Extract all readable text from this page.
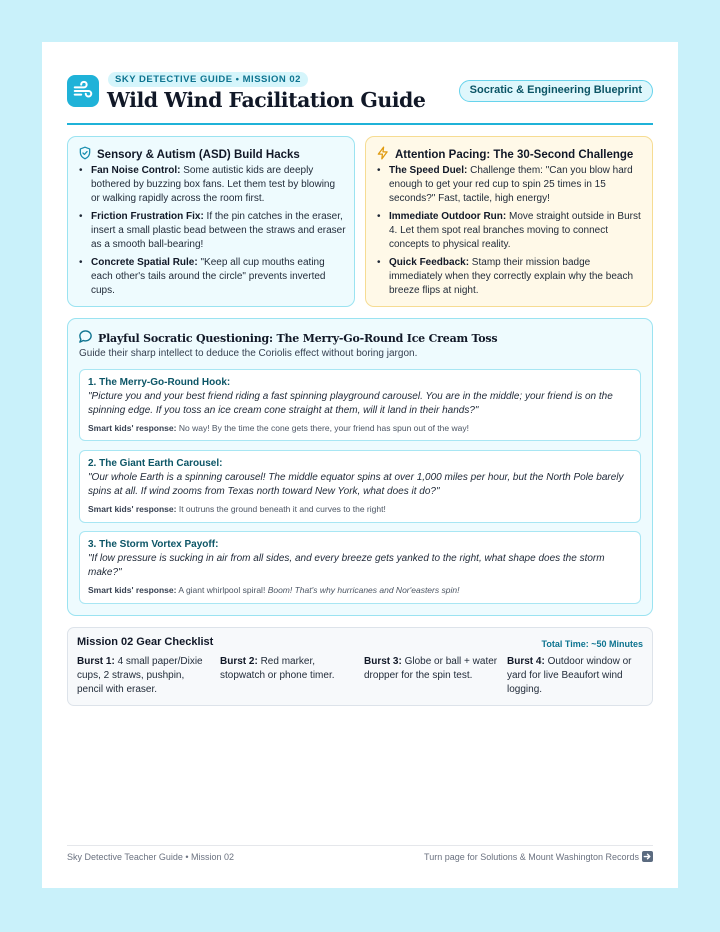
SKY DETECTIVE GUIDE • MISSION 02
Wild Wind Facilitation Guide	Socratic & Engineering Blueprint
Sensory & Autism (ASD) Build Hacks
• Fan Noise Control: Some autistic kids are deeply bothered by buzzing box fans. Let them test by blowing or walking rapidly across the room first.
• Friction Frustration Fix: If the pin catches in the eraser, insert a small plastic bead between the straws and eraser as a smooth ball-bearing!
• Concrete Spatial Rule: "Keep all cup mouths eating each other's tails around the circle" prevents inverted cups.
Attention Pacing: The 30-Second Challenge
• The Speed Duel: Challenge them: "Can you blow hard enough to get your red cup to spin 25 times in 15 seconds?" Fast, tactile, high energy!
• Immediate Outdoor Run: Move straight outside in Burst 4. Let them spot real branches moving to connect concepts to physical reality.
• Quick Feedback: Stamp their mission badge immediately when they correctly explain why the beach breeze flips at night.
Playful Socratic Questioning: The Merry-Go-Round Ice Cream Toss
Guide their sharp intellect to deduce the Coriolis effect without boring jargon.
1. The Merry-Go-Round Hook:
"Picture you and your best friend riding a fast spinning playground carousel. You are in the middle; your friend is on the spinning edge. If you toss an ice cream cone straight at them, will it land in their hands?"
Smart kids' response: No way! By the time the cone gets there, your friend has spun out of the way!
2. The Giant Earth Carousel:
"Our whole Earth is a spinning carousel! The middle equator spins at over 1,000 miles per hour, but the North Pole barely spins at all. If wind zooms from Texas north toward New York, what does it do?"
Smart kids' response: It outruns the ground beneath it and curves to the right!
3. The Storm Vortex Payoff:
"If low pressure is sucking in air from all sides, and every breeze gets yanked to the right, what shape does the storm make?"
Smart kids' response: A giant whirlpool spiral! Boom! That's why hurricanes and Nor'easters spin!
Mission 02 Gear Checklist	Total Time: ~50 Minutes
Burst 1: 4 small paper/Dixie cups, 2 straws, pushpin, pencil with eraser.
Burst 2: Red marker, stopwatch or phone timer.
Burst 3: Globe or ball + water dropper for the spin test.
Burst 4: Outdoor window or yard for live Beaufort wind logging.
Sky Detective Teacher Guide • Mission 02	Turn page for Solutions & Mount Washington Records
